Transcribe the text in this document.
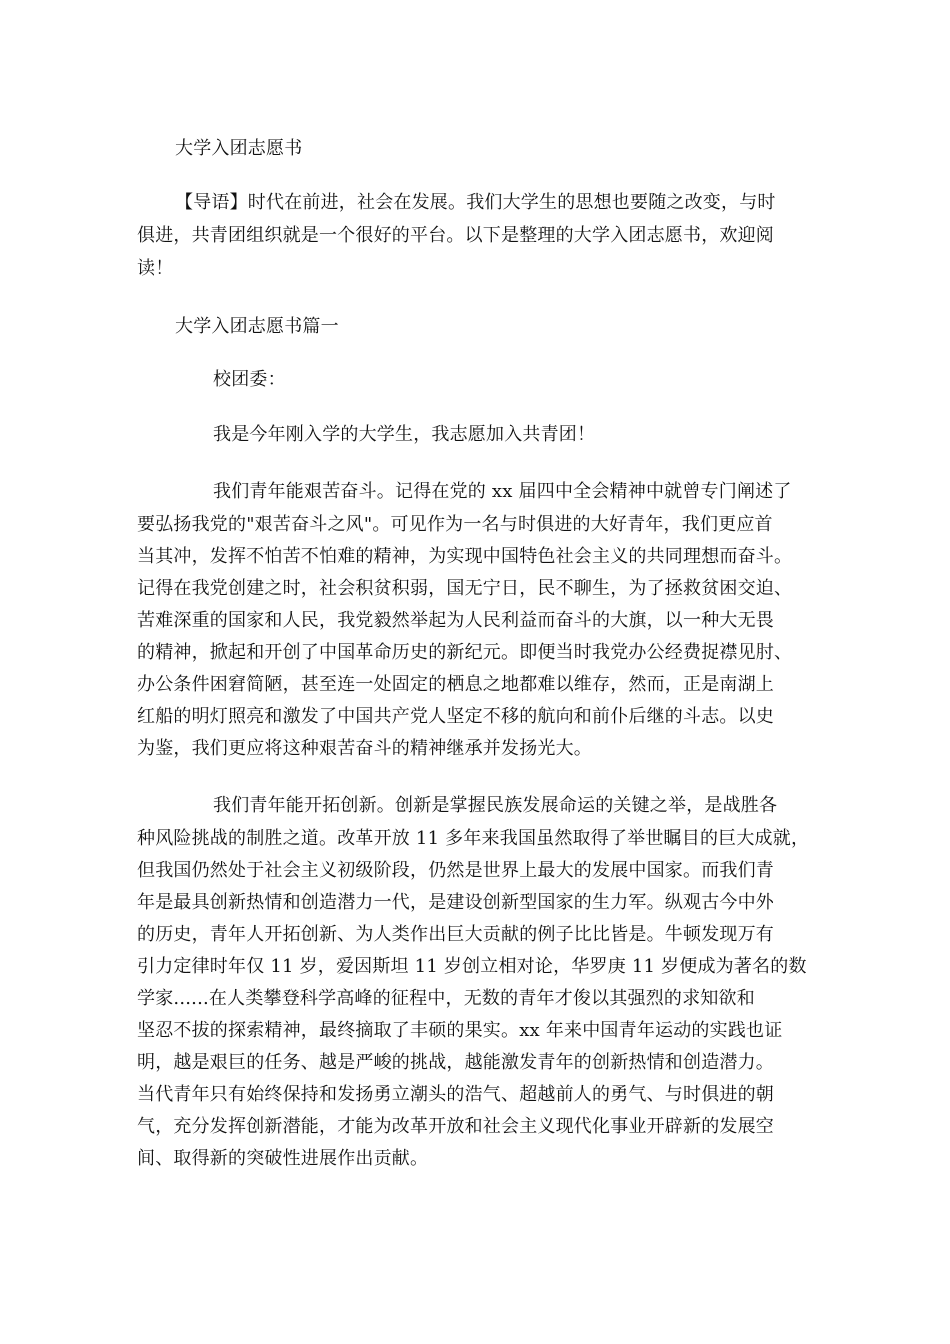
大学入团志愿书
【导语】时代在前进，社会在发展。我们大学生的思想也要随之改变，与时
俱进，共青团组织就是一个很好的平台。以下是整理的大学入团志愿书，欢迎阅
读！
大学入团志愿书篇一
校团委：
我是今年刚入学的大学生，我志愿加入共青团！
我们青年能艰苦奋斗。记得在党的 xx 届四中全会精神中就曾专门阐述了
要弘扬我党的"艰苦奋斗之风"。可见作为一名与时俱进的大好青年，我们更应首
当其冲，发挥不怕苦不怕难的精神，为实现中国特色社会主义的共同理想而奋斗。
记得在我党创建之时，社会积贫积弱，国无宁日，民不聊生，为了拯救贫困交迫、
苦难深重的国家和人民，我党毅然举起为人民利益而奋斗的大旗，以一种大无畏
的精神，掀起和开创了中国革命历史的新纪元。即便当时我党办公经费捉襟见肘、
办公条件困窘简陋，甚至连一处固定的栖息之地都难以维存，然而，正是南湖上
红船的明灯照亮和激发了中国共产党人坚定不移的航向和前仆后继的斗志。以史
为鉴，我们更应将这种艰苦奋斗的精神继承并发扬光大。
我们青年能开拓创新。创新是掌握民族发展命运的关键之举，是战胜各
种风险挑战的制胜之道。改革开放 11 多年来我国虽然取得了举世瞩目的巨大成就，
但我国仍然处于社会主义初级阶段，仍然是世界上最大的发展中国家。而我们青
年是最具创新热情和创造潜力一代，是建设创新型国家的生力军。纵观古今中外
的历史，青年人开拓创新、为人类作出巨大贡献的例子比比皆是。牛顿发现万有
引力定律时年仅 11 岁，爱因斯坦 11 岁创立相对论，华罗庚 11 岁便成为著名的数
学家......在人类攀登科学高峰的征程中，无数的青年才俊以其强烈的求知欲和
坚忍不拔的探索精神，最终摘取了丰硕的果实。xx 年来中国青年运动的实践也证
明，越是艰巨的任务、越是严峻的挑战，越能激发青年的创新热情和创造潜力。
当代青年只有始终保持和发扬勇立潮头的浩气、超越前人的勇气、与时俱进的朝
气，充分发挥创新潜能，才能为改革开放和社会主义现代化事业开辟新的发展空
间、取得新的突破性进展作出贡献。
